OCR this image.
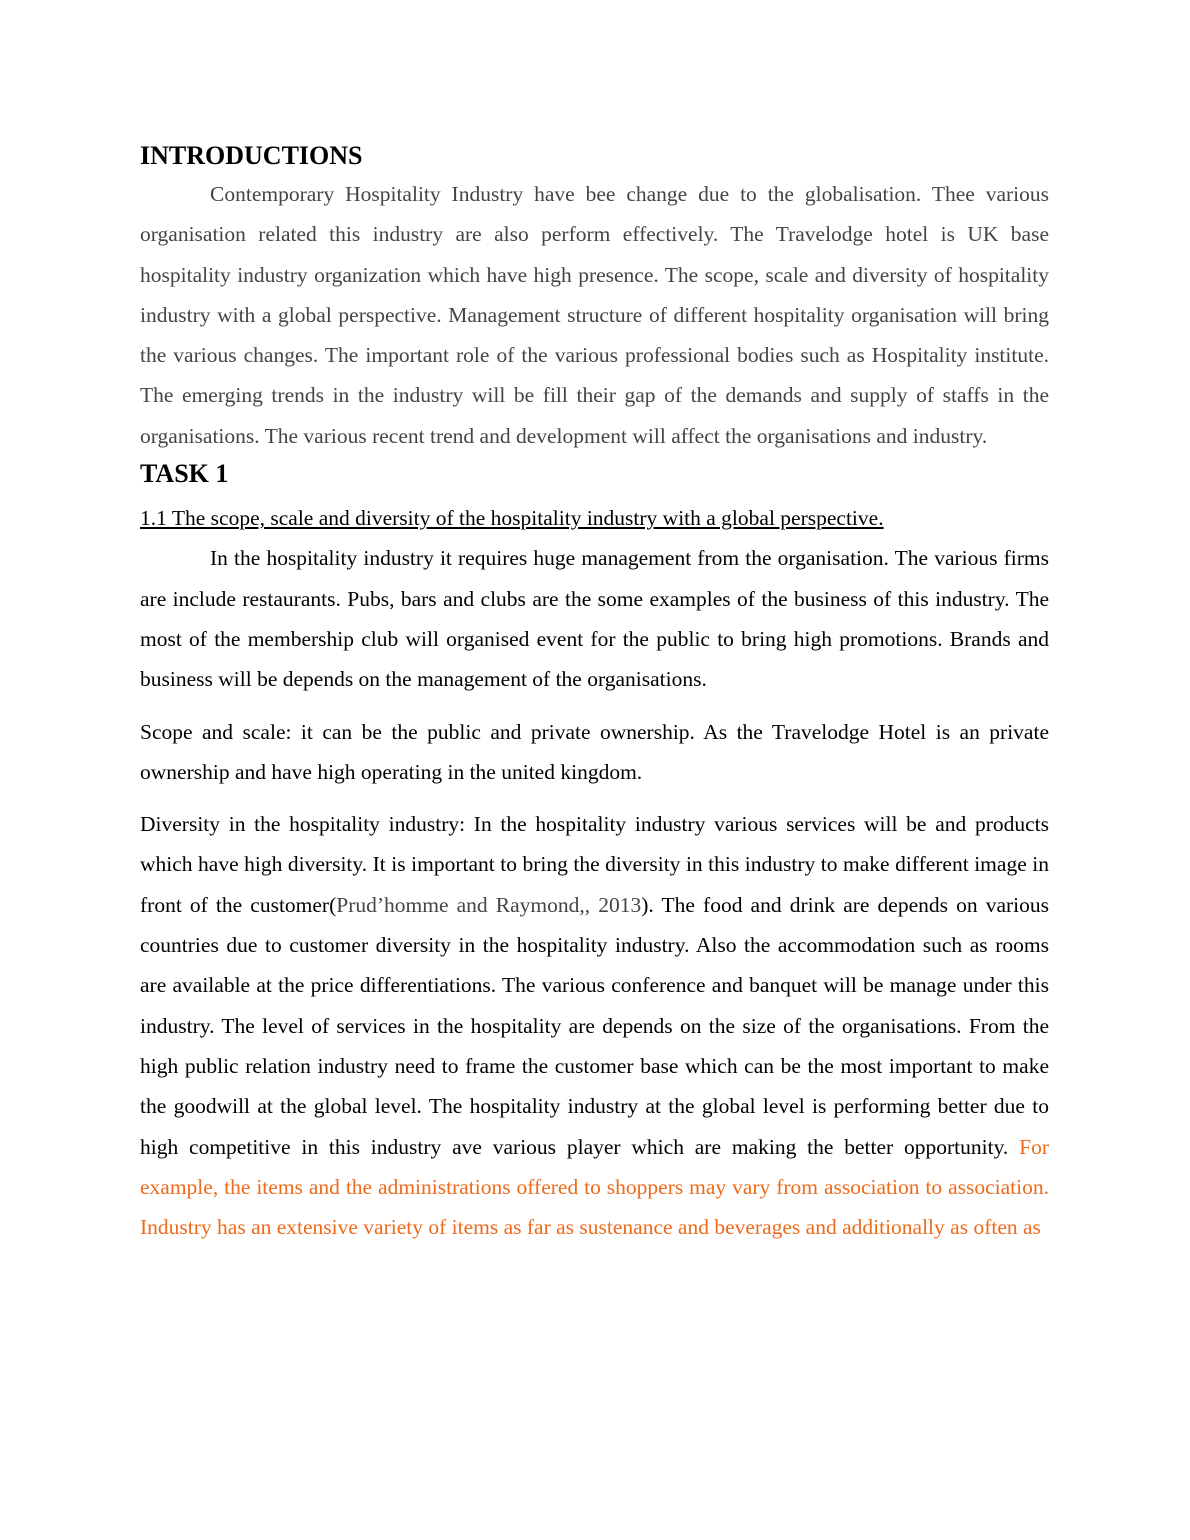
INTRODUCTIONS

Contemporary Hospitality Industry have bee change due to the globalisation. Thee various organisation related this industry are also perform effectively. The Travelodge hotel is UK base hospitality industry organization which have high presence. The scope, scale and diversity of hospitality industry with a global perspective. Management structure of different hospitality organisation will bring the various changes. The important role of the various professional bodies such as Hospitality institute. The emerging trends in the industry will be fill their gap of the demands and supply of staffs in the organisations. The various recent trend and development will affect the organisations and industry.

TASK 1
1.1 The scope, scale and diversity of the hospitality industry with a global perspective.

In the hospitality industry it requires huge management from the organisation. The various firms are include restaurants. Pubs, bars and clubs are the some examples of the business of this industry. The most of the membership club will organised event for the public to bring high promotions. Brands and business will be depends on the management of the organisations.

Scope and scale: it can be the public and private ownership. As the Travelodge Hotel is an private ownership and have high operating in the united kingdom.

Diversity in the hospitality industry: In the hospitality industry various services will be and products which have high diversity. It is important to bring the diversity in this industry to make different image in front of the customer(Prud’homme and Raymond,, 2013). The food and drink are depends on various countries due to customer diversity in the hospitality industry. Also the accommodation such as rooms are available at the price differentiations. The various conference and banquet will be manage under this industry. The level of services in the hospitality are depends on the size of the organisations. From the high public relation industry need to frame the customer base which can be the most important to make the goodwill at the global level. The hospitality industry at the global level is performing better due to high competitive in this industry ave various player which are making the better opportunity. For example, the items and the administrations offered to shoppers may vary from association to association. Industry has an extensive variety of items as far as sustenance and beverages and additionally as often as
